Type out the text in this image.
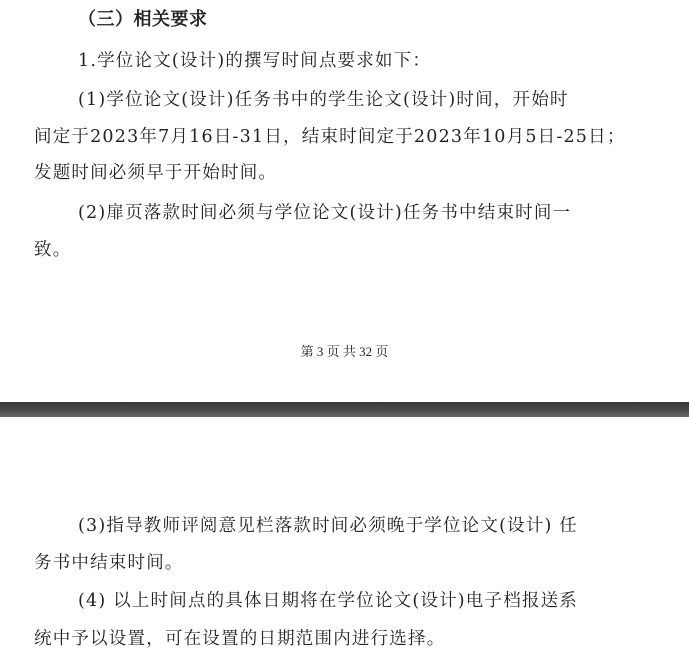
（三）相关要求
1.学位论文(设计)的撰写时间点要求如下：
(1)学位论文(设计)任务书中的学生论文(设计)时间，开始时
间定于2023年7月16日-31日，结束时间定于2023年10月5日-25日；
发题时间必须早于开始时间。
(2)扉页落款时间必须与学位论文(设计)任务书中结束时间一
致。
第 3 页 共 32 页
(3)指导教师评阅意见栏落款时间必须晚于学位论文(设计) 任
务书中结束时间。
(4) 以上时间点的具体日期将在学位论文(设计)电子档报送系
统中予以设置，可在设置的日期范围内进行选择。
